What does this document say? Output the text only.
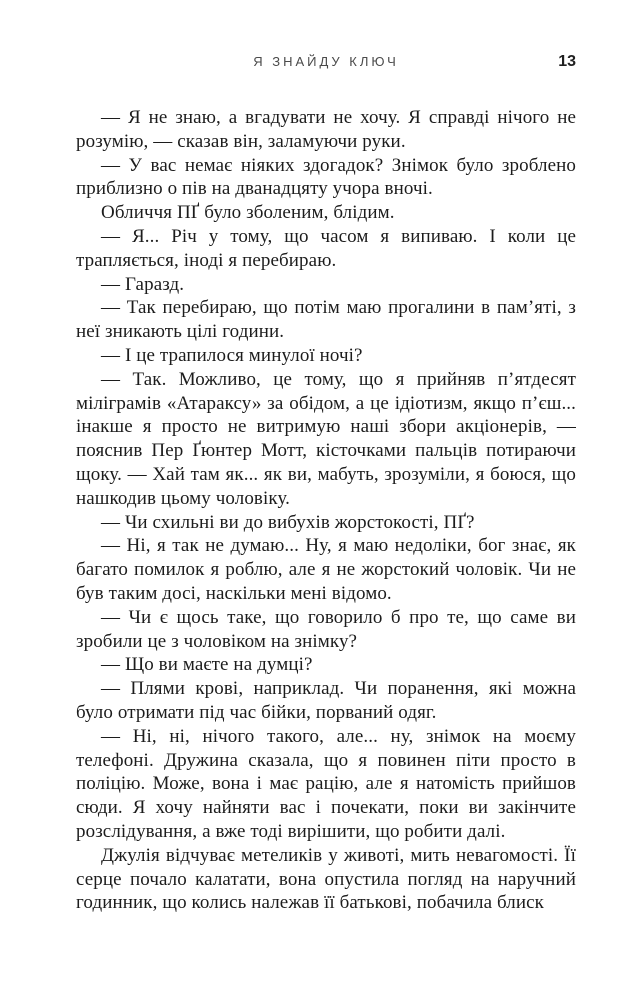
Я ЗНАЙДУ КЛЮЧ	13

— Я не знаю, а вгадувати не хочу. Я справді нічого не розумію, — сказав він, заламуючи руки.

— У вас немає ніяких здогадок? Знімок було зроблено приблизно о пів на дванадцяту учора вночі.

Обличчя ПҐ було зболеним, блідим.

— Я... Річ у тому, що часом я випиваю. І коли це трапляється, іноді я перебираю.

— Гаразд.

— Так перебираю, що потім маю прогалини в пам’яті, з неї зникають цілі години.

— І це трапилося минулої ночі?

— Так. Можливо, це тому, що я прийняв п’ятдесят міліграмів «Атараксу» за обідом, а це ідіотизм, якщо п’єш... інакше я просто не витримую наші збори акціонерів, — пояснив Пер Ґюнтер Мотт, кісточками пальців потираючи щоку. — Хай там як... як ви, мабуть, зрозуміли, я боюся, що нашкодив цьому чоловіку.

— Чи схильні ви до вибухів жорстокості, ПҐ?

— Ні, я так не думаю... Ну, я маю недоліки, бог знає, як багато помилок я роблю, але я не жорстокий чоловік. Чи не був таким досі, наскільки мені відомо.

— Чи є щось таке, що говорило б про те, що саме ви зробили це з чоловіком на знімку?

— Що ви маєте на думці?

— Плями крові, наприклад. Чи поранення, які можна було отримати під час бійки, порваний одяг.

— Ні, ні, нічого такого, але... ну, знімок на моєму телефоні. Дружина сказала, що я повинен піти просто в поліцію. Може, вона і має рацію, але я натомість прийшов сюди. Я хочу найняти вас і почекати, поки ви закінчите розслідування, а вже тоді вирішити, що робити далі.

Джулія відчуває метеликів у животі, мить невагомості. Її серце почало калатати, вона опустила погляд на наручний годинник, що колись належав її батькові, побачила блиск
